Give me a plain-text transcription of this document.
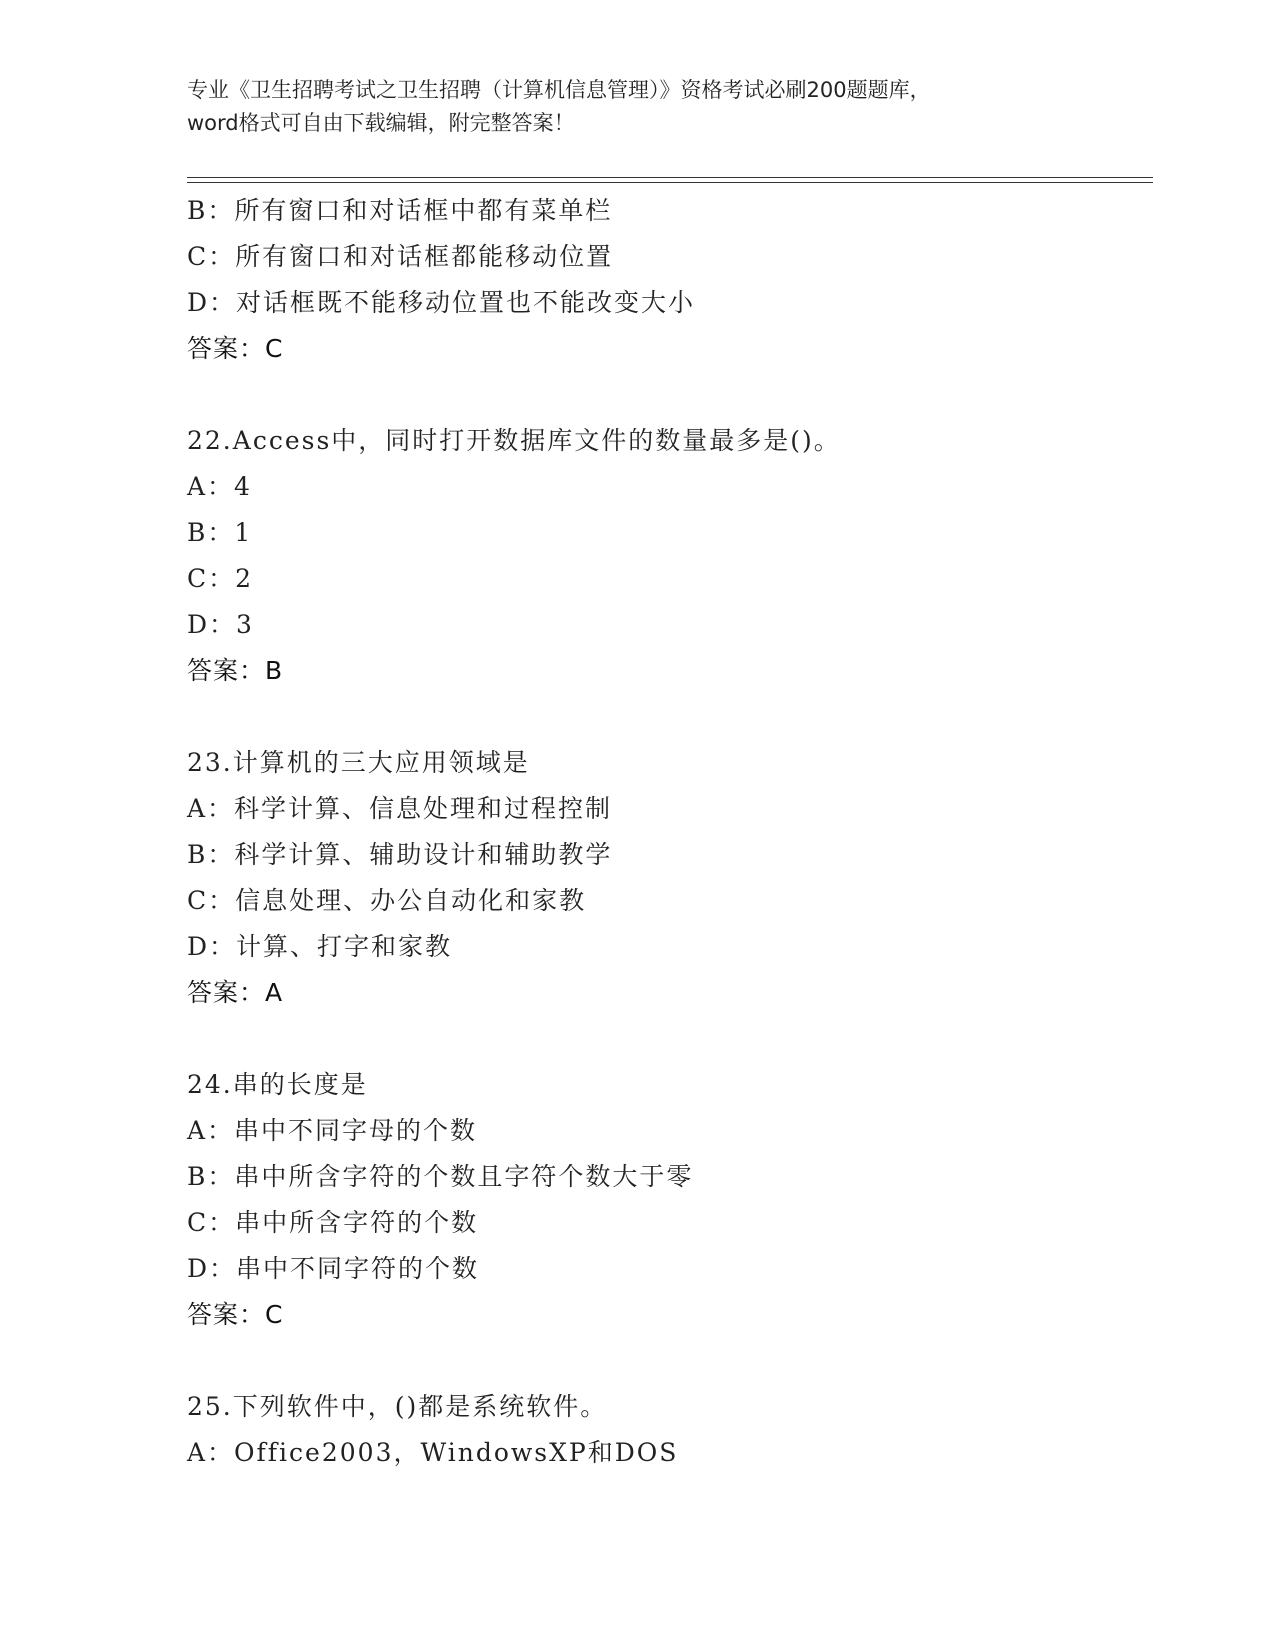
专业《卫生招聘考试之卫生招聘（计算机信息管理）》资格考试必刷200题题库，
word格式可自由下载编辑，附完整答案！
B：所有窗口和对话框中都有菜单栏
C：所有窗口和对话框都能移动位置
D：对话框既不能移动位置也不能改变大小
答案：C
22.Access中，同时打开数据库文件的数量最多是()。
A：4
B：1
C：2
D：3
答案：B
23.计算机的三大应用领域是
A：科学计算、信息处理和过程控制
B：科学计算、辅助设计和辅助教学
C：信息处理、办公自动化和家教
D：计算、打字和家教
答案：A
24.串的长度是
A：串中不同字母的个数
B：串中所含字符的个数且字符个数大于零
C：串中所含字符的个数
D：串中不同字符的个数
答案：C
25.下列软件中，()都是系统软件。
A：Office2003，WindowsXP和DOS
